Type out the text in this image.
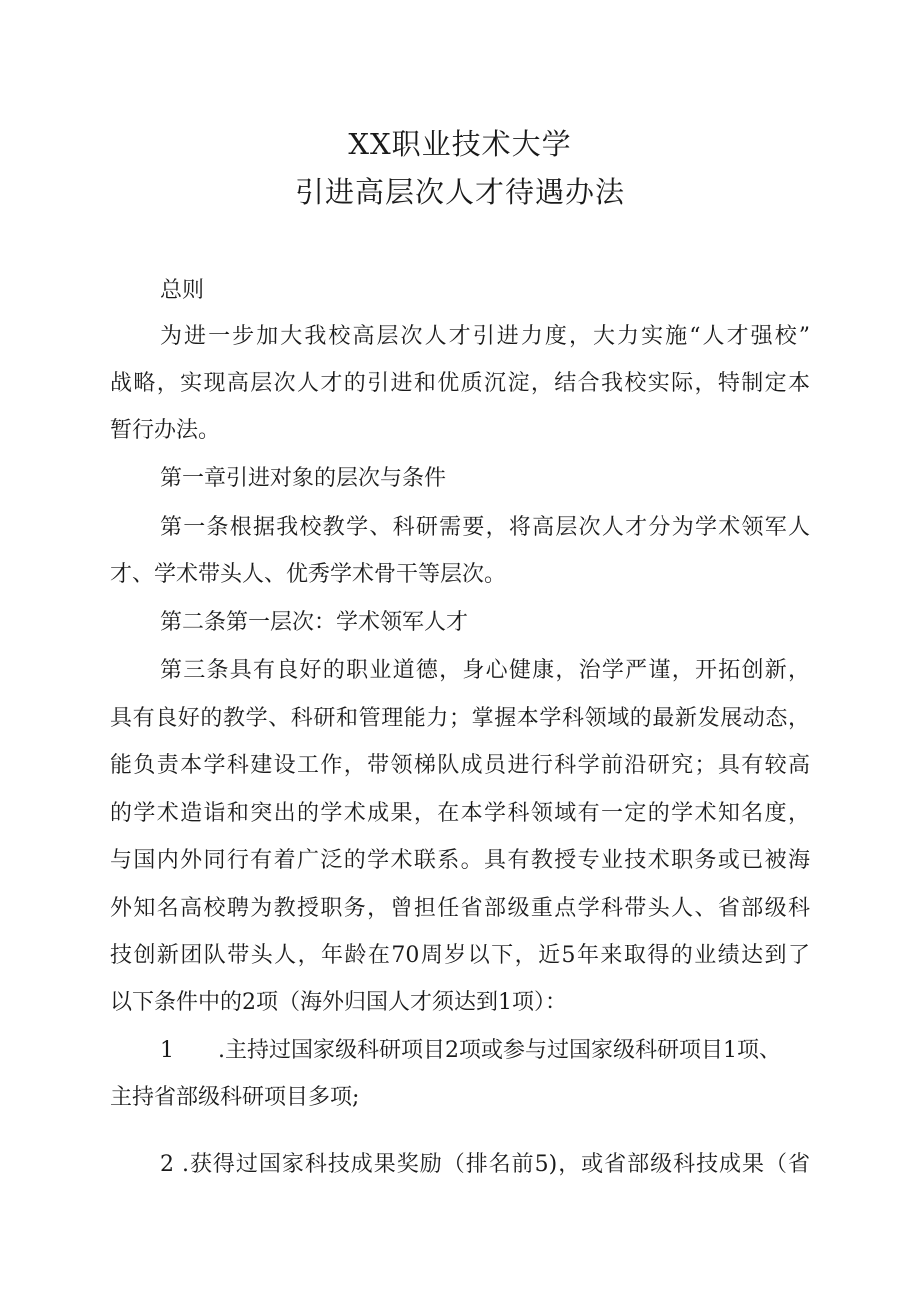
XX职业技术大学
引进高层次人才待遇办法
总则
为进一步加大我校高层次人才引进力度，大力实施“人才强校”
战略，实现高层次人才的引进和优质沉淀，结合我校实际，特制定本
暂行办法。
第一章引进对象的层次与条件
第一条根据我校教学、科研需要，将高层次人才分为学术领军人
才、学术带头人、优秀学术骨干等层次。
第二条第一层次：学术领军人才
第三条具有良好的职业道德，身心健康，治学严谨，开拓创新，
具有良好的教学、科研和管理能力；掌握本学科领域的最新发展动态，
能负责本学科建设工作，带领梯队成员进行科学前沿研究；具有较高
的学术造诣和突出的学术成果，在本学科领域有一定的学术知名度，
与国内外同行有着广泛的学术联系。具有教授专业技术职务或已被海
外知名高校聘为教授职务，曾担任省部级重点学科带头人、省部级科
技创新团队带头人，年龄在70周岁以下，近5年来取得的业绩达到了
以下条件中的2项（海外归国人才须达到1项）：
1 .主持过国家级科研项目2项或参与过国家级科研项目1项、
主持省部级科研项目多项;
2 .获得过国家科技成果奖励（排名前5)，或省部级科技成果（省
